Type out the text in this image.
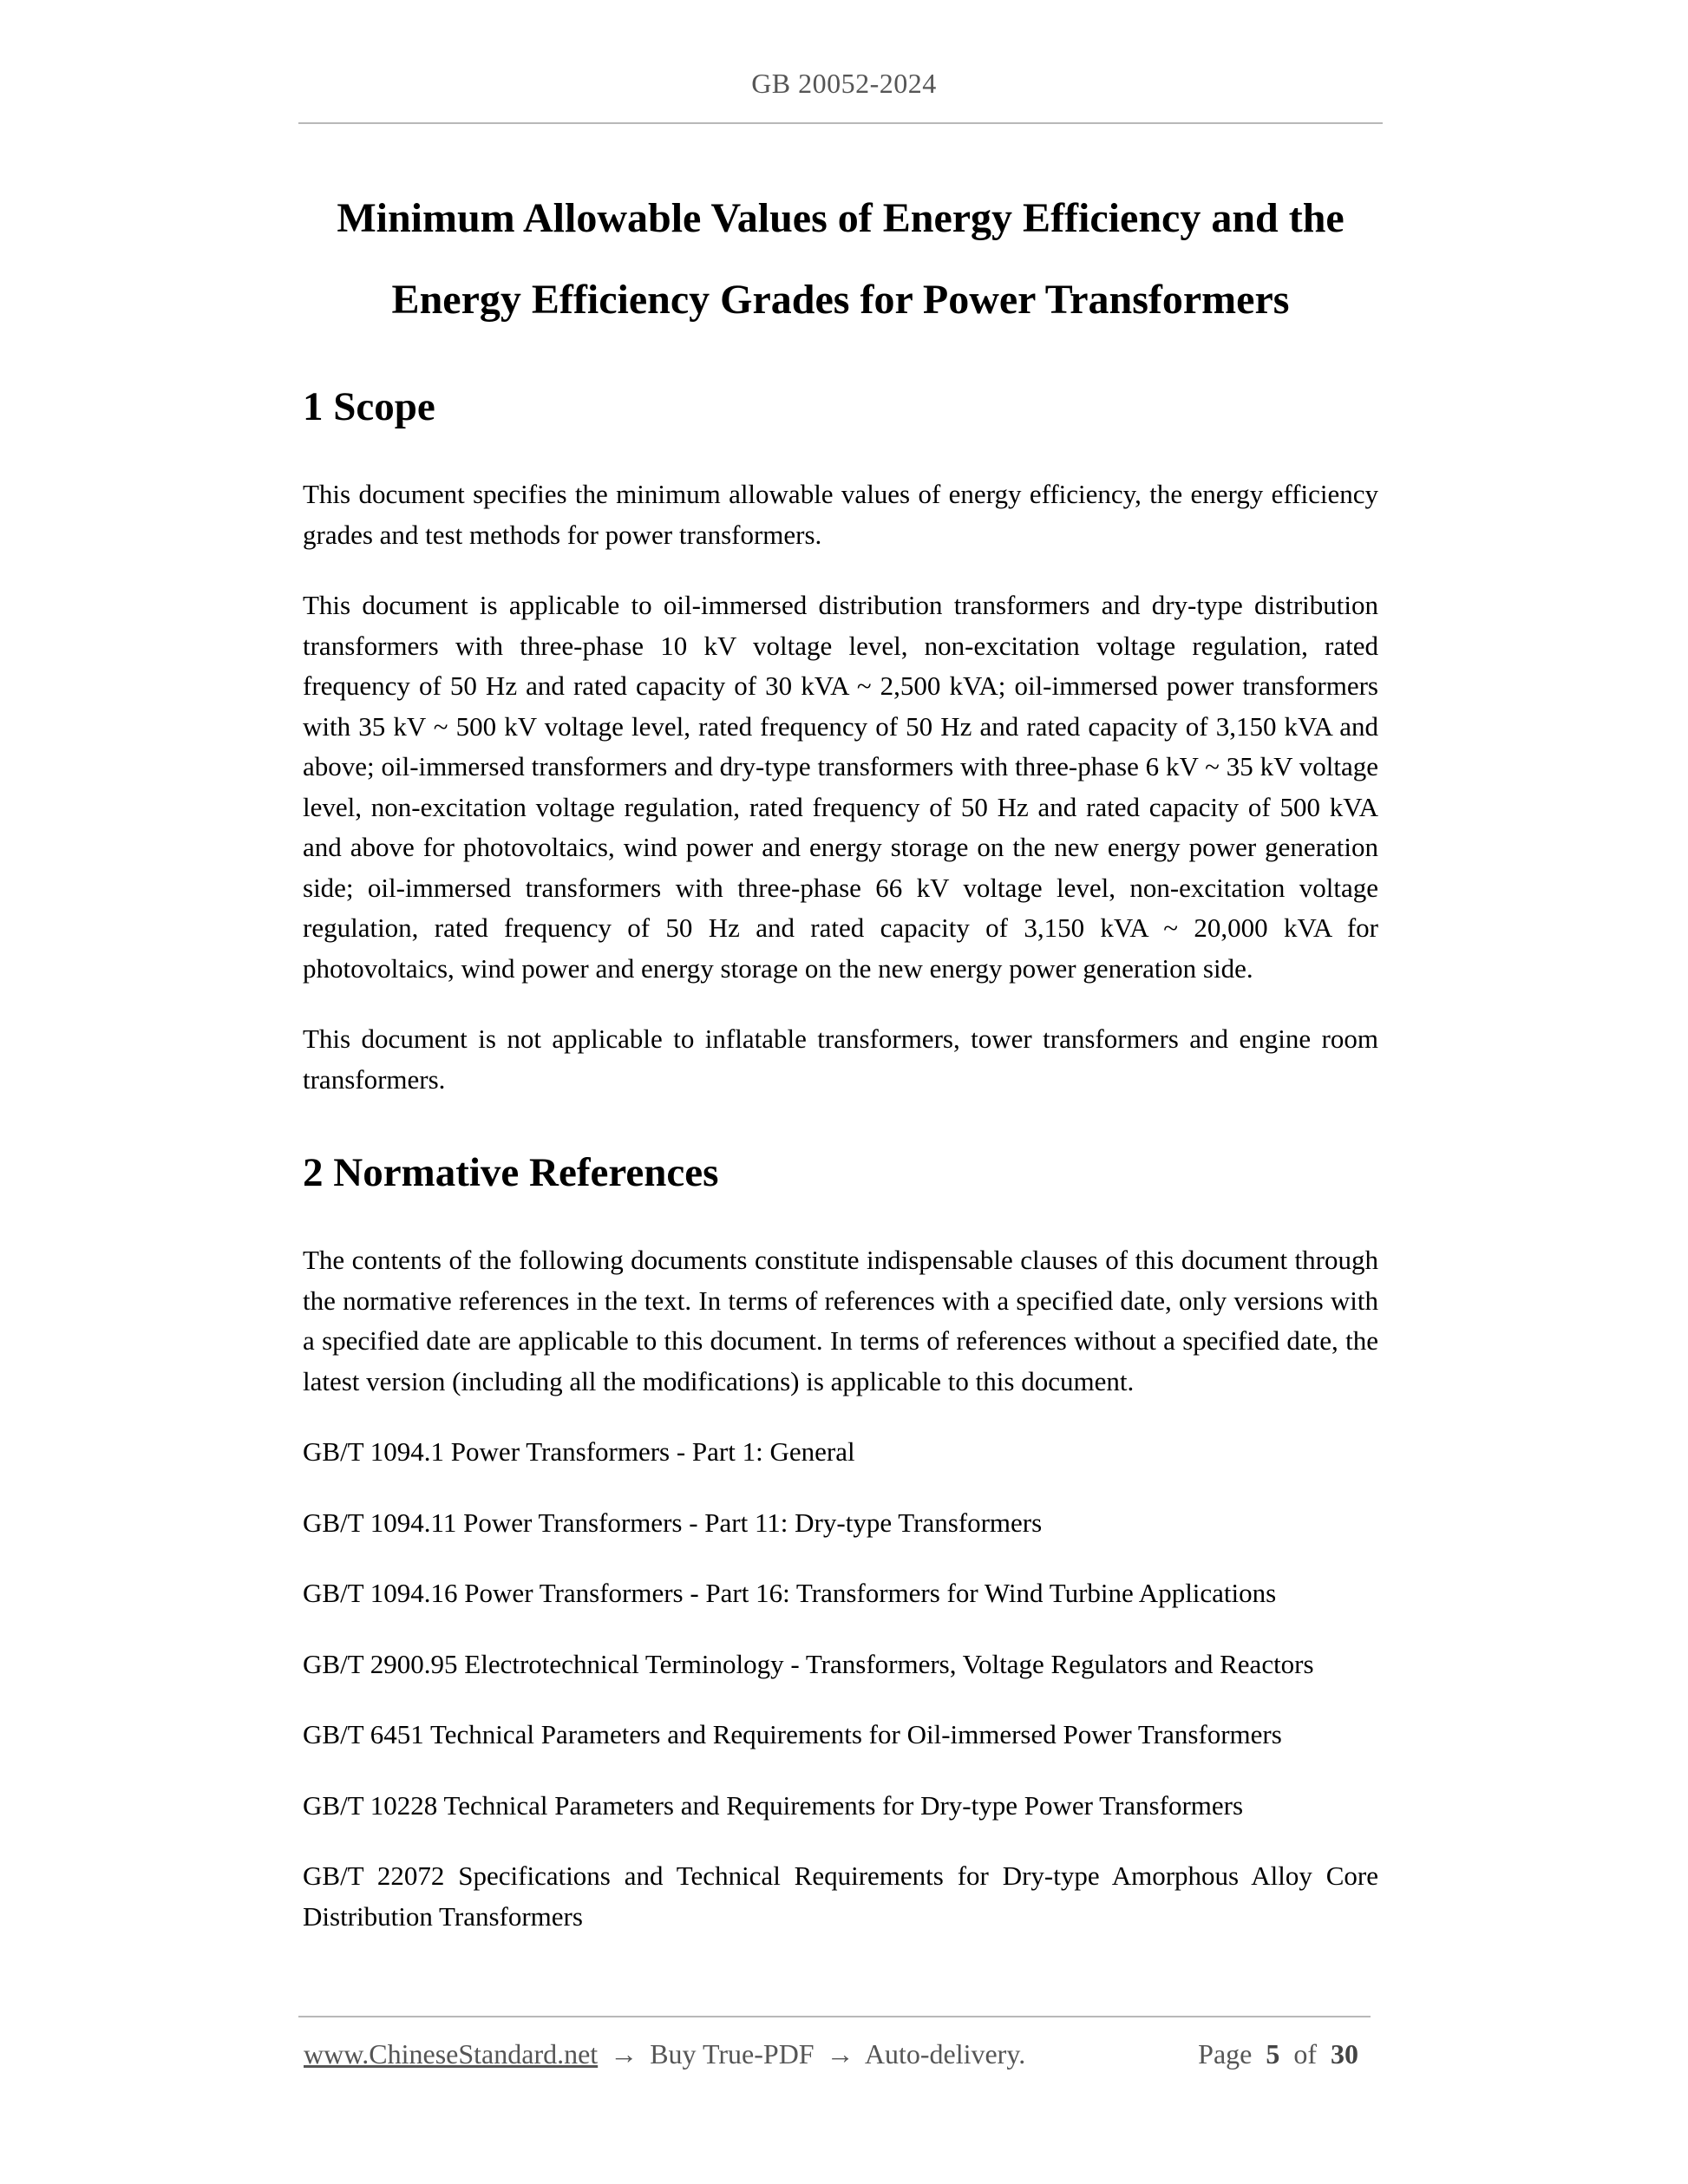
GB 20052-2024
Minimum Allowable Values of Energy Efficiency and the
Energy Efficiency Grades for Power Transformers
1 Scope

This document specifies the minimum allowable values of energy efficiency, the energy efficiency grades and test methods for power transformers.

This document is applicable to oil-immersed distribution transformers and dry-type distribution transformers with three-phase 10 kV voltage level, non-excitation voltage regulation, rated frequency of 50 Hz and rated capacity of 30 kVA ~ 2,500 kVA; oil-immersed power transformers with 35 kV ~ 500 kV voltage level, rated frequency of 50 Hz and rated capacity of 3,150 kVA and above; oil-immersed transformers and dry-type transformers with three-phase 6 kV ~ 35 kV voltage level, non-excitation voltage regulation, rated frequency of 50 Hz and rated capacity of 500 kVA and above for photovoltaics, wind power and energy storage on the new energy power generation side; oil-immersed transformers with three-phase 66 kV voltage level, non-excitation voltage regulation, rated frequency of 50 Hz and rated capacity of 3,150 kVA ~ 20,000 kVA for photovoltaics, wind power and energy storage on the new energy power generation side.

This document is not applicable to inflatable transformers, tower transformers and engine room transformers.

2 Normative References

The contents of the following documents constitute indispensable clauses of this document through the normative references in the text. In terms of references with a specified date, only versions with a specified date are applicable to this document. In terms of references without a specified date, the latest version (including all the modifications) is applicable to this document.

GB/T 1094.1 Power Transformers - Part 1: General

GB/T 1094.11 Power Transformers - Part 11: Dry-type Transformers

GB/T 1094.16 Power Transformers - Part 16: Transformers for Wind Turbine Applications

GB/T 2900.95 Electrotechnical Terminology - Transformers, Voltage Regulators and Reactors

GB/T 6451 Technical Parameters and Requirements for Oil-immersed Power Transformers

GB/T 10228 Technical Parameters and Requirements for Dry-type Power Transformers

GB/T 22072 Specifications and Technical Requirements for Dry-type Amorphous Alloy Core Distribution Transformers

www.ChineseStandard.net → Buy True-PDF → Auto-delivery.	Page 5 of 30
